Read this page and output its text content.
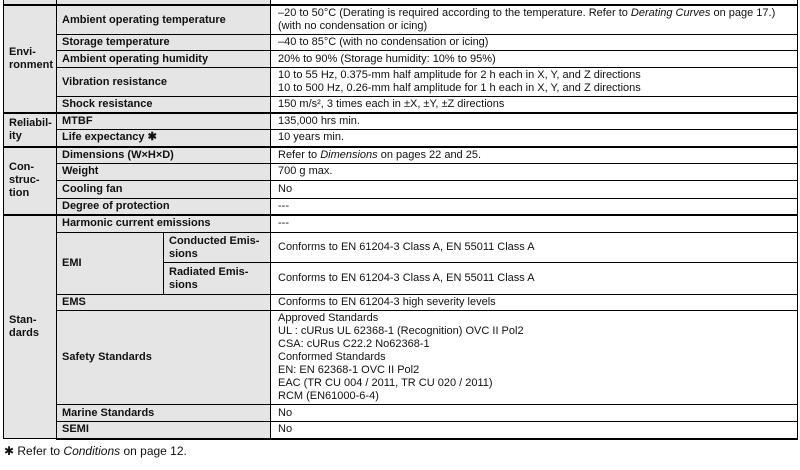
Envi-
ronment	Ambient operating temperature		–20 to 50°C (Derating is required according to the temperature. Refer to Derating Curves on page 17.) (with no condensation or icing)
	Storage temperature		–40 to 85°C (with no condensation or icing)
	Ambient operating humidity		20% to 90% (Storage humidity: 10% to 95%)
	Vibration resistance		10 to 55 Hz, 0.375-mm half amplitude for 2 h each in X, Y, and Z directions
10 to 500 Hz, 0.26-mm half amplitude for 1 h each in X, Y, and Z directions
	Shock resistance		150 m/s², 3 times each in ±X, ±Y, ±Z directions
Reliabil-
ity	MTBF		135,000 hrs min.
	Life expectancy ✱		10 years min.
Con-
struc-
tion	Dimensions (W×H×D)		Refer to Dimensions on pages 22 and 25.
	Weight		700 g max.
	Cooling fan		No
	Degree of protection		---
Stan-
dards	Harmonic current emissions		---
	EMI	Conducted Emis-
sions	Conforms to EN 61204-3 Class A, EN 55011 Class A
		Radiated Emis-
sions	Conforms to EN 61204-3 Class A, EN 55011 Class A
	EMS		Conforms to EN 61204-3 high severity levels
Safety Standards	Approved Standards
UL : cURus UL 62368-1 (Recognition) OVC II Pol2
CSA: cURus C22.2 No62368-1
Conformed Standards
EN: EN 62368-1 OVC II Pol2
EAC (TR CU 004 / 2011, TR CU 020 / 2011)
RCM (EN61000-6-4)
	Marine Standards		No
	SEMI		No
✱ Refer to Conditions on page 12.
